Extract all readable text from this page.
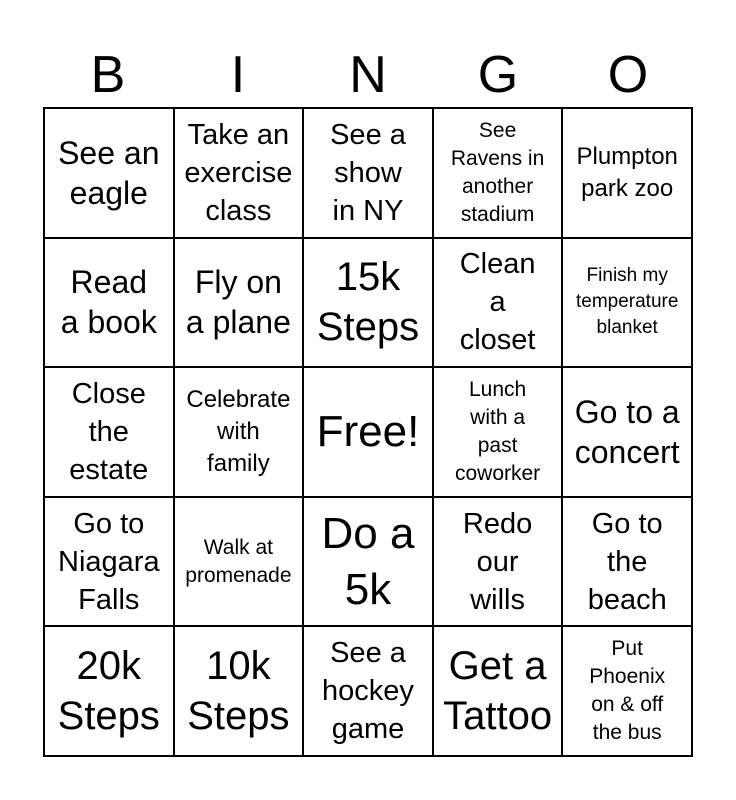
B	I	N	G	O
See an
eagle
Take an
exercise
class
See a
show
in NY
See
Ravens in
another
stadium
Plumpton
park zoo
Read
a book
Fly on
a plane
15k
Steps
Clean
a
closet
Finish my
temperature
blanket
Close
the
estate
Celebrate
with
family
Free!
Lunch
with a
past
coworker
Go to a
concert
Go to
Niagara
Falls
Walk at
promenade
Do a
5k
Redo
our
wills
Go to
the
beach
20k
Steps
10k
Steps
See a
hockey
game
Get a
Tattoo
Put
Phoenix
on & off
the bus
